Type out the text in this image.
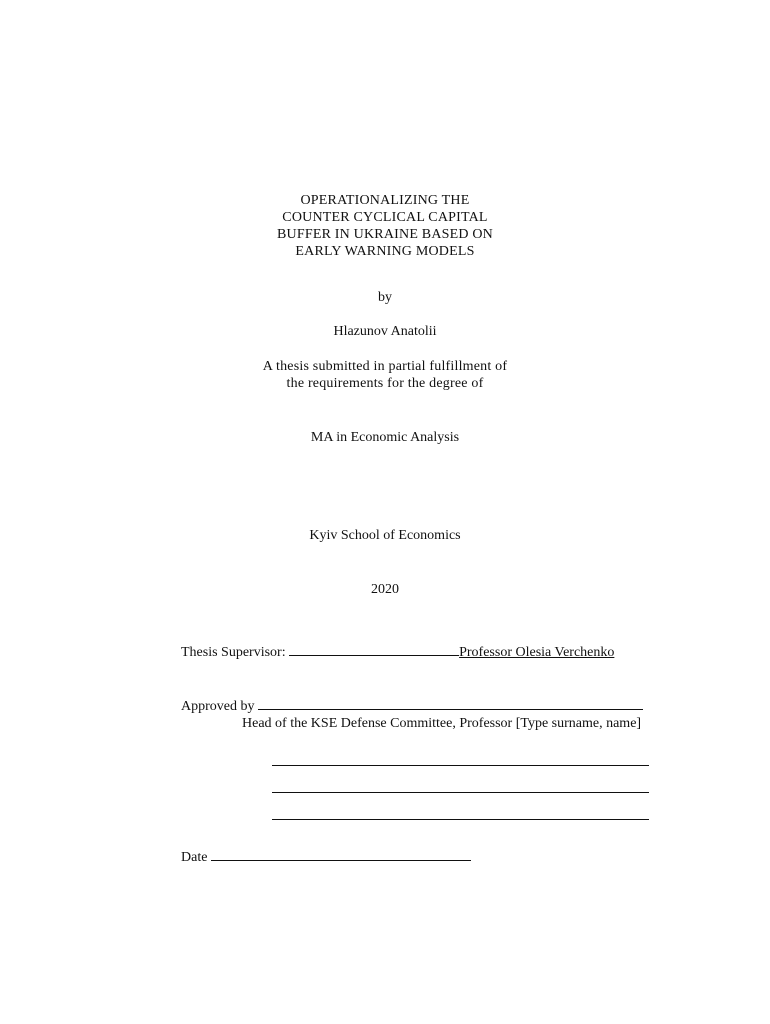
OPERATIONALIZING THE
COUNTER CYCLICAL CAPITAL
BUFFER IN UKRAINE BASED ON
EARLY WARNING MODELS
by
Hlazunov Anatolii
A thesis submitted in partial fulfillment of
the requirements for the degree of
MA in Economic Analysis
Kyiv School of Economics
2020
Thesis Supervisor:	Professor Olesia Verchenko
Approved by
Head of the KSE Defense Committee, Professor [Type surname, name]
Date
